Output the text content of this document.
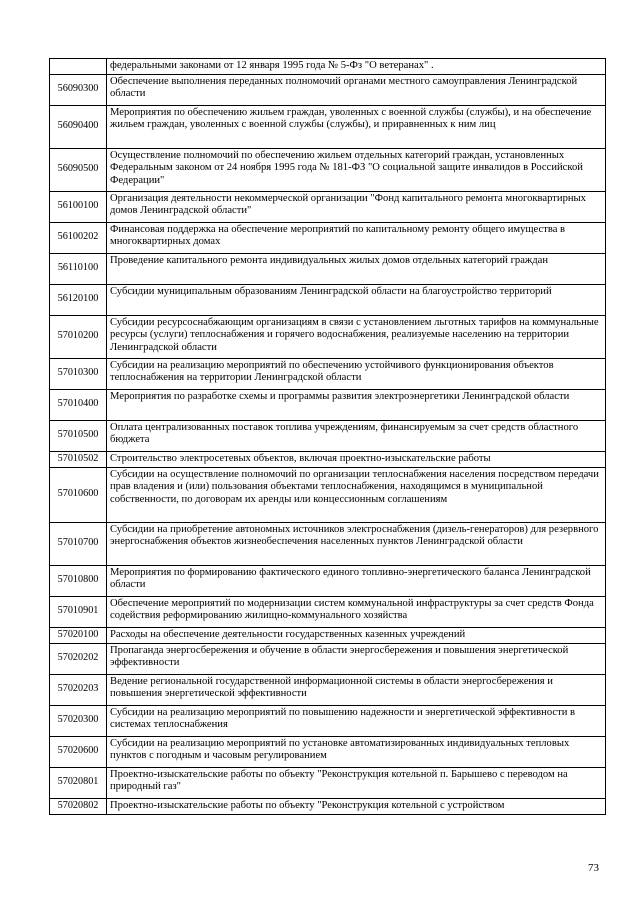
	федеральными законами от 12 января 1995 года № 5-Фз "О ветеранах" .
56090300	Обеспечение выполнения переданных полномочий органами местного самоуправления Ленинградской области
56090400	Мероприятия по обеспечению жильем граждан, уволенных с военной службы (службы), и на обеспечение жильем граждан, уволенных с военной службы (службы), и приравненных к ним лиц
56090500	Осуществление полномочий по обеспечению жильем отдельных категорий граждан, установленных Федеральным законом от 24 ноября 1995 года № 181-ФЗ "О социальной защите инвалидов в Российской Федерации"
56100100	Организация деятельности некоммерческой организации "Фонд капитального ремонта многоквартирных домов Ленинградской области"
56100202	Финансовая поддержка на обеспечение мероприятий по капитальному ремонту общего имущества в многоквартирных домах
56110100	Проведение капитального ремонта индивидуальных жилых домов отдельных категорий граждан
56120100	Субсидии муниципальным образованиям Ленинградской области на благоустройство территорий
57010200	Субсидии ресурсоснабжающим организациям в связи с установлением льготных тарифов на коммунальные ресурсы (услуги) теплоснабжения и горячего водоснабжения, реализуемые населению на территории Ленинградской области
57010300	Субсидии на реализацию мероприятий по обеспечению устойчивого функционирования объектов теплоснабжения на территории Ленинградской области
57010400	Мероприятия по разработке схемы и программы развития электроэнергетики Ленинградской области
57010500	Оплата централизованных поставок топлива учреждениям, финансируемым за счет средств областного бюджета
57010502	Строительство электросетевых объектов, включая проектно-изыскательские работы
57010600	Субсидии на осуществление полномочий по организации теплоснабжения населения посредством передачи прав владения и (или) пользования объектами теплоснабжения, находящимся в муниципальной собственности, по договорам их аренды или концессионным соглашениям
57010700	Субсидии на приобретение автономных источников электроснабжения (дизель-генераторов) для резервного энергоснабжения объектов жизнеобеспечения населенных пунктов Ленинградской области
57010800	Мероприятия по формированию фактического единого топливно-энергетического баланса Ленинградской области
57010901	Обеспечение мероприятий по модернизации систем коммунальной инфраструктуры за счет средств Фонда содействия реформированию жилищно-коммунального хозяйства
57020100	Расходы на обеспечение деятельности государственных казенных учреждений
57020202	Пропаганда энергосбережения и обучение в области энергосбережения и повышения энергетической эффективности
57020203	Ведение региональной государственной информационной системы в области энергосбережения и повышения энергетической эффективности
57020300	Субсидии на реализацию мероприятий по повышению надежности и энергетической эффективности в системах теплоснабжения
57020600	Субсидии на реализацию мероприятий по установке автоматизированных индивидуальных тепловых пунктов с погодным и часовым регулированием
57020801	Проектно-изыскательские работы по объекту "Реконструкция котельной п. Барышево с переводом на природный газ"
57020802	Проектно-изыскательские работы по объекту "Реконструкция котельной с устройством
73
